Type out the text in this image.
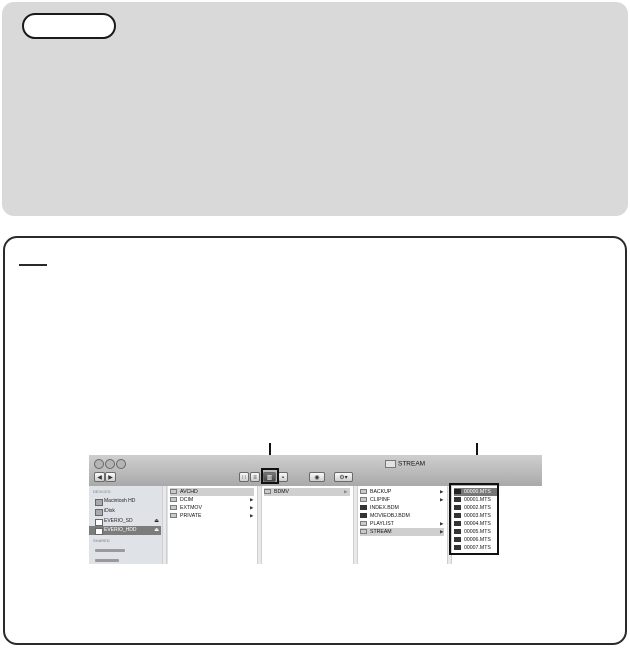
STREAM
◀	▶	∷	≡	▥	▪	◉	⚙▾
DEVICES
Macintosh HD
iDisk
EVERIO_SD	⏏
EVERIO_HDD	⏏
SHARED
AVCHD
DCIM	▶
EXTMOV	▶
PRIVATE	▶
BDMV	▶	BACKUP	▶
CLIPINF	▶
INDEX.BDM
MOVIEOBJ.BDM
PLAYLIST	▶
STREAM	▶
00000.MTS
00001.MTS
00002.MTS
00003.MTS
00004.MTS
00005.MTS
00006.MTS
00007.MTS
